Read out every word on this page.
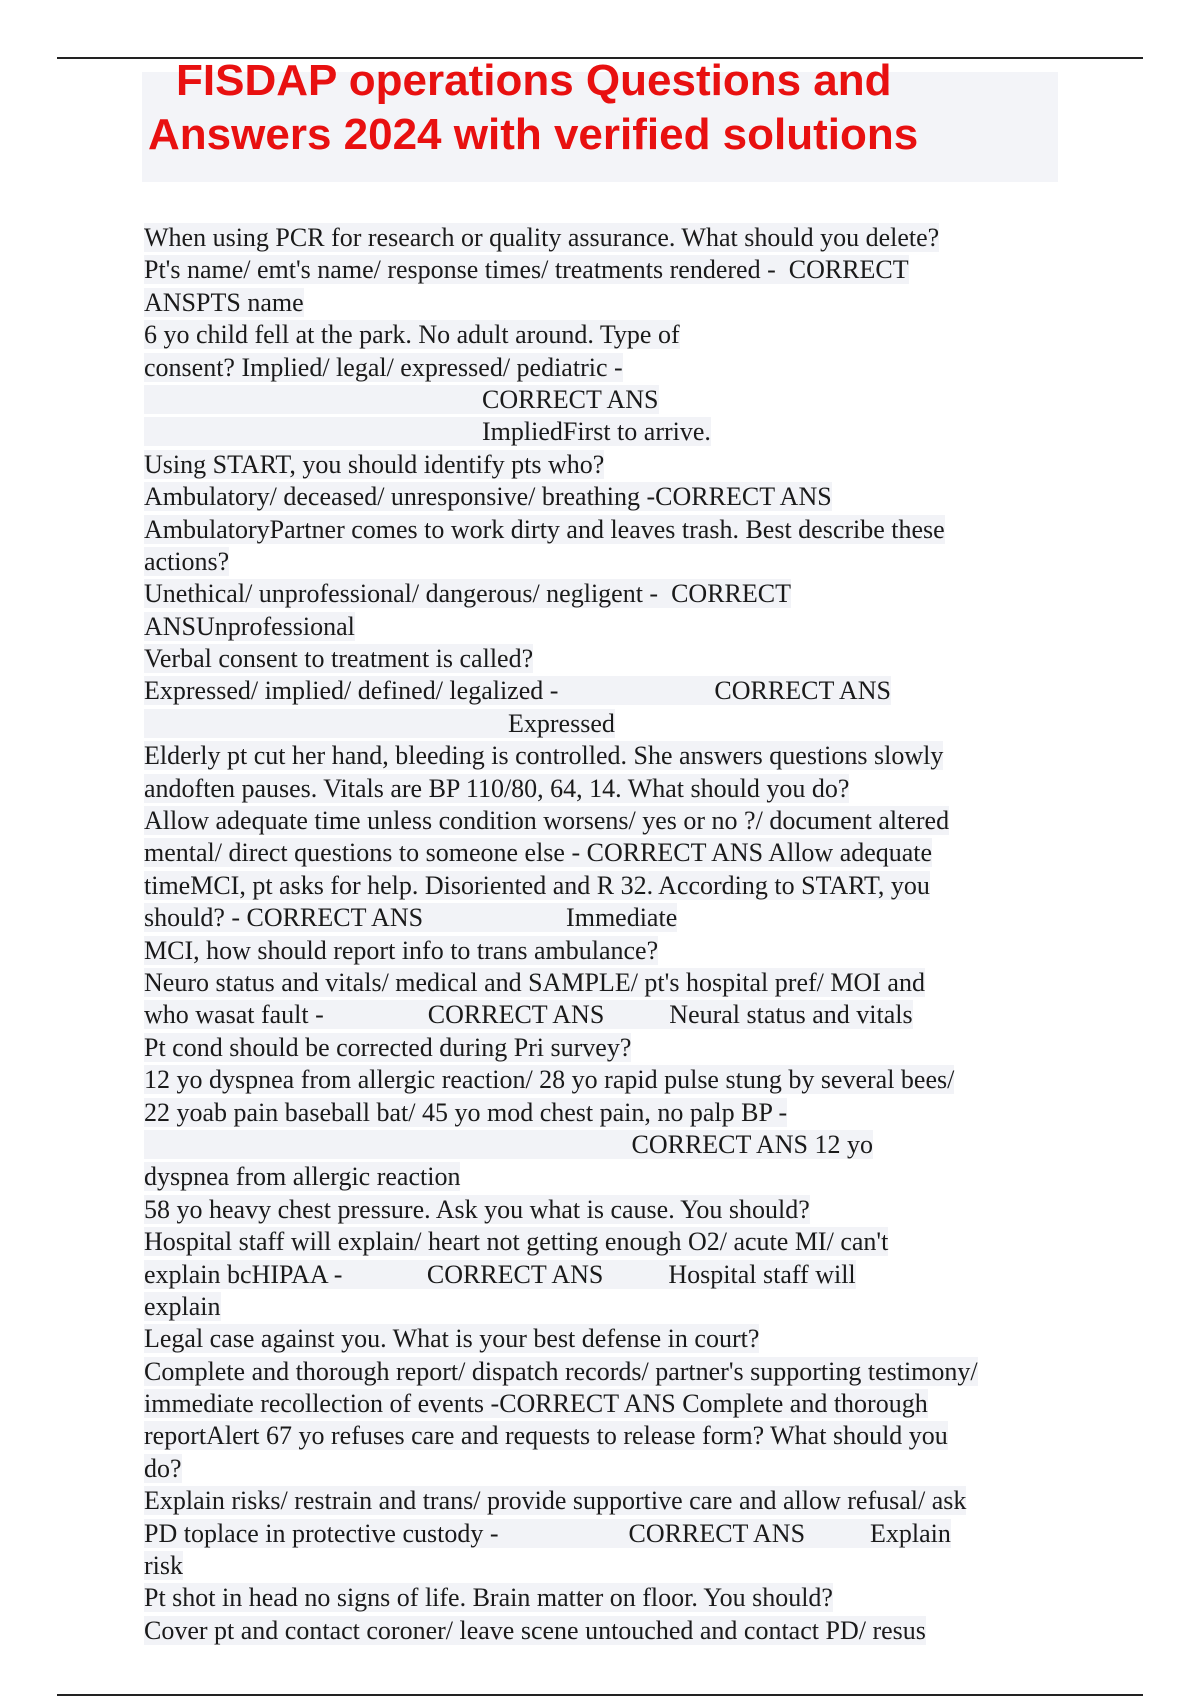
FISDAP operations Questions and
Answers 2024 with verified solutions
When using PCR for research or quality assurance. What should you delete?
Pt's name/ emt's name/ response times/ treatments rendered -  CORRECT
ANSPTS name
6 yo child fell at the park. No adult around. Type of
consent? Implied/ legal/ expressed/ pediatric -
CORRECT ANS
ImpliedFirst to arrive.
Using START, you should identify pts who?
Ambulatory/ deceased/ unresponsive/ breathing -CORRECT ANS
AmbulatoryPartner comes to work dirty and leaves trash. Best describe these
actions?
Unethical/ unprofessional/ dangerous/ negligent -  CORRECT
ANSUnprofessional
Verbal consent to treatment is called?
Expressed/ implied/ defined/ legalized -                        CORRECT ANS
Expressed
Elderly pt cut her hand, bleeding is controlled. She answers questions slowly
andoften pauses. Vitals are BP 110/80, 64, 14. What should you do?
Allow adequate time unless condition worsens/ yes or no ?/ document altered
mental/ direct questions to someone else - CORRECT ANS Allow adequate
timeMCI, pt asks for help. Disoriented and R 32. According to START, you
should? - CORRECT ANS                      Immediate
MCI, how should report info to trans ambulance?
Neuro status and vitals/ medical and SAMPLE/ pt's hospital pref/ MOI and
who wasat fault -                CORRECT ANS          Neural status and vitals
Pt cond should be corrected during Pri survey?
12 yo dyspnea from allergic reaction/ 28 yo rapid pulse stung by several bees/
22 yoab pain baseball bat/ 45 yo mod chest pain, no palp BP -
CORRECT ANS 12 yo
dyspnea from allergic reaction
58 yo heavy chest pressure. Ask you what is cause. You should?
Hospital staff will explain/ heart not getting enough O2/ acute MI/ can't
explain bcHIPAA -             CORRECT ANS          Hospital staff will
explain
Legal case against you. What is your best defense in court?
Complete and thorough report/ dispatch records/ partner's supporting testimony/
immediate recollection of events -CORRECT ANS Complete and thorough
reportAlert 67 yo refuses care and requests to release form? What should you
do?
Explain risks/ restrain and trans/ provide supportive care and allow refusal/ ask
PD toplace in protective custody -                    CORRECT ANS          Explain
risk
Pt shot in head no signs of life. Brain matter on floor. You should?
Cover pt and contact coroner/ leave scene untouched and contact PD/ resus
